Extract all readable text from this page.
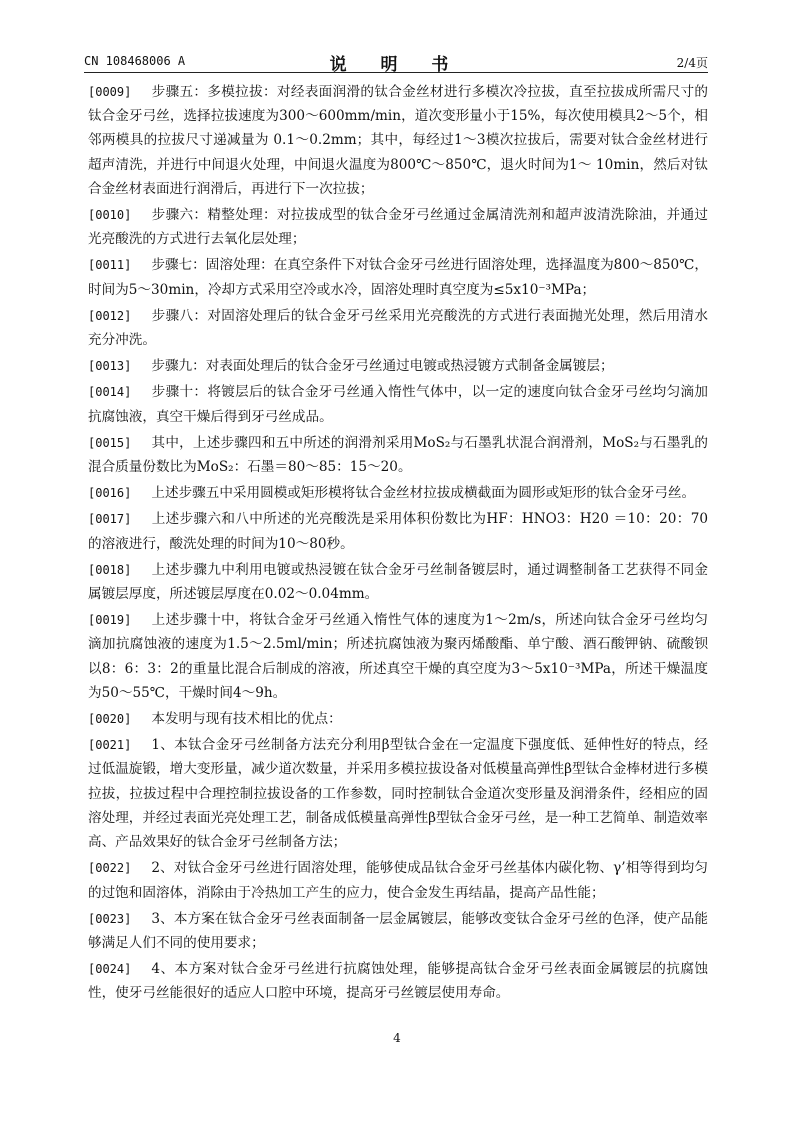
CN 108468006 A	说 明 书	2/4页

[0009] 步骤五：多模拉拔：对经表面润滑的钛合金丝材进行多模次冷拉拔，直至拉拔成所需尺寸的钛合金牙弓丝，选择拉拔速度为300～600mm/min，道次变形量小于15%，每次使用模具2～5个，相邻两模具的拉拔尺寸递减量为 0.1～0.2mm；其中，每经过1～3模次拉拔后，需要对钛合金丝材进行超声清洗，并进行中间退火处理，中间退火温度为800℃～850℃，退火时间为1～ 10min，然后对钛合金丝材表面进行润滑后，再进行下一次拉拔；

[0010] 步骤六：精整处理：对拉拔成型的钛合金牙弓丝通过金属清洗剂和超声波清洗除油，并通过光亮酸洗的方式进行去氧化层处理；

[0011] 步骤七：固溶处理：在真空条件下对钛合金牙弓丝进行固溶处理，选择温度为800～850℃，时间为5～30min，冷却方式采用空冷或水冷，固溶处理时真空度为≤5x10⁻³MPa；

[0012] 步骤八：对固溶处理后的钛合金牙弓丝采用光亮酸洗的方式进行表面抛光处理，然后用清水充分冲洗。

[0013] 步骤九：对表面处理后的钛合金牙弓丝通过电镀或热浸镀方式制备金属镀层；

[0014] 步骤十：将镀层后的钛合金牙弓丝通入惰性气体中，以一定的速度向钛合金牙弓丝均匀滴加抗腐蚀液，真空干燥后得到牙弓丝成品。

[0015] 其中，上述步骤四和五中所述的润滑剂采用MoS₂与石墨乳状混合润滑剂，MoS₂与石墨乳的混合质量份数比为MoS₂：石墨＝80～85：15～20。

[0016] 上述步骤五中采用圆模或矩形模将钛合金丝材拉拔成横截面为圆形或矩形的钛合金牙弓丝。

[0017] 上述步骤六和八中所述的光亮酸洗是采用体积份数比为HF：HNO3：H20 ＝10：20：70的溶液进行，酸洗处理的时间为10～80秒。

[0018] 上述步骤九中利用电镀或热浸镀在钛合金牙弓丝制备镀层时，通过调整制备工艺获得不同金属镀层厚度，所述镀层厚度在0.02～0.04mm。

[0019] 上述步骤十中，将钛合金牙弓丝通入惰性气体的速度为1～2m/s，所述向钛合金牙弓丝均匀滴加抗腐蚀液的速度为1.5～2.5ml/min；所述抗腐蚀液为聚丙烯酸酯、单宁酸、酒石酸钾钠、硫酸钡以8：6：3：2的重量比混合后制成的溶液，所述真空干燥的真空度为3～5x10⁻³MPa，所述干燥温度为50～55℃，干燥时间4～9h。

[0020] 本发明与现有技术相比的优点：

[0021] 1、本钛合金牙弓丝制备方法充分利用β型钛合金在一定温度下强度低、延伸性好的特点，经过低温旋锻，增大变形量，减少道次数量，并采用多模拉拔设备对低模量高弹性β型钛合金棒材进行多模拉拔，拉拔过程中合理控制拉拔设备的工作参数，同时控制钛合金道次变形量及润滑条件，经相应的固溶处理，并经过表面光亮处理工艺，制备成低模量高弹性β型钛合金牙弓丝，是一种工艺简单、制造效率高、产品效果好的钛合金牙弓丝制备方法；

[0022] 2、对钛合金牙弓丝进行固溶处理，能够使成品钛合金牙弓丝基体内碳化物、γ’相等得到均匀的过饱和固溶体，消除由于冷热加工产生的应力，使合金发生再结晶，提高产品性能；

[0023] 3、本方案在钛合金牙弓丝表面制备一层金属镀层，能够改变钛合金牙弓丝的色泽，使产品能够满足人们不同的使用要求；

[0024] 4、本方案对钛合金牙弓丝进行抗腐蚀处理，能够提高钛合金牙弓丝表面金属镀层的抗腐蚀性，使牙弓丝能很好的适应人口腔中环境，提高牙弓丝镀层使用寿命。

4
